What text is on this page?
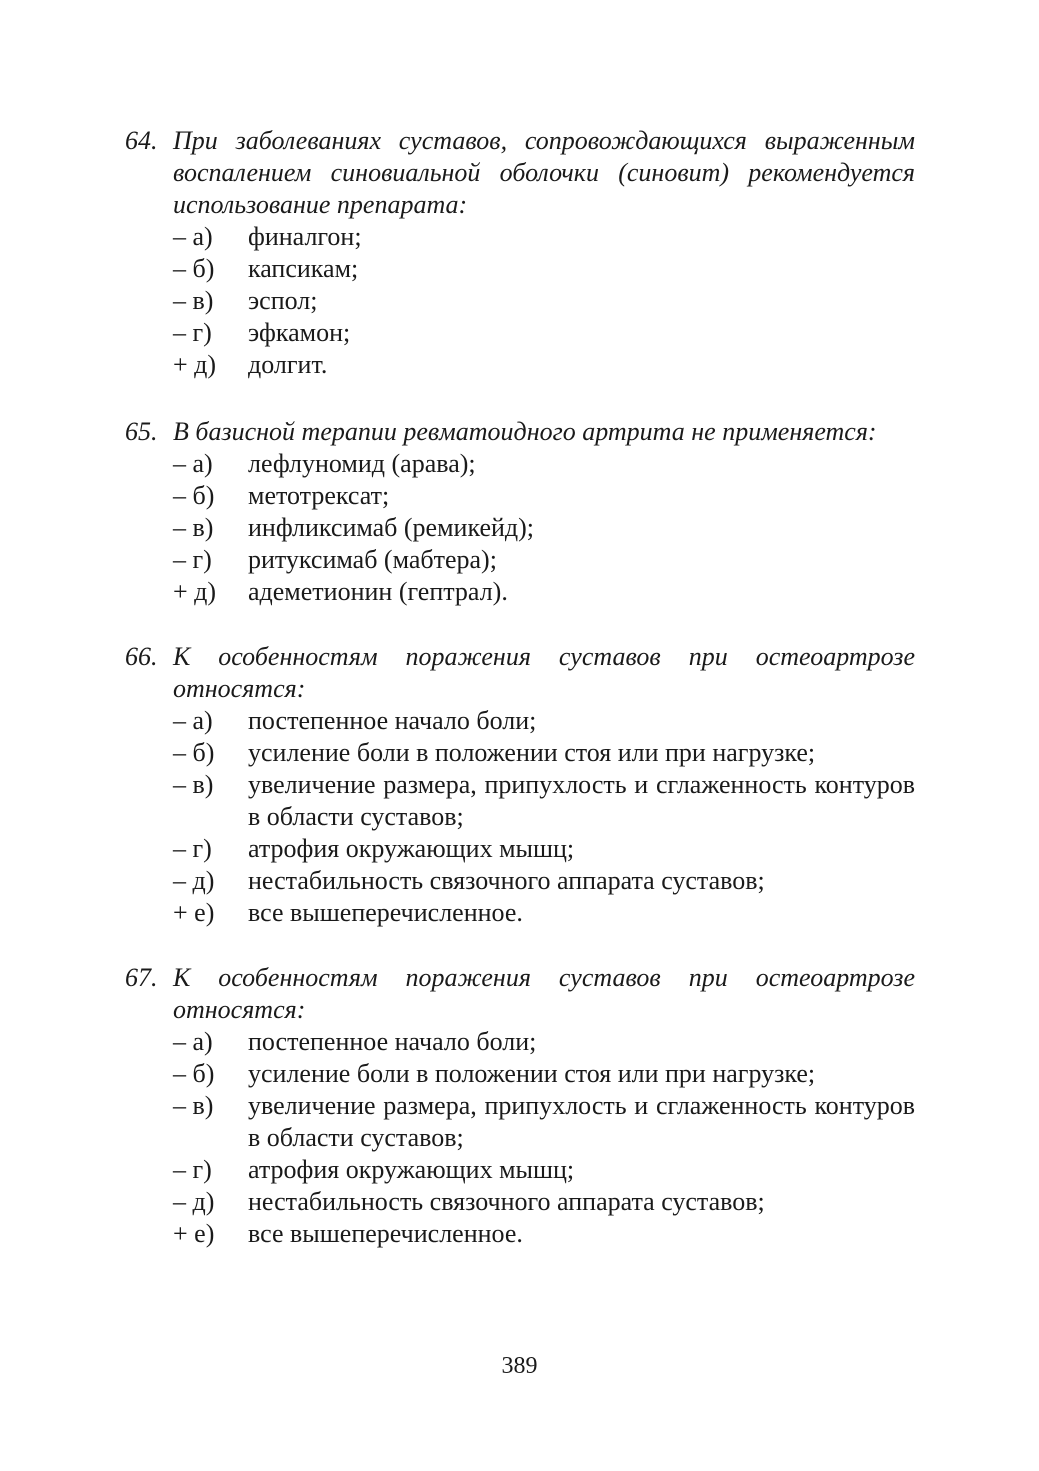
64. При заболеваниях суставов, сопровождающихся выраженным воспалением синовиальной оболочки (синовит) рекомендуется использование препарата:
– а) финалгон;
– б) капсикам;
– в) эспол;
– г) эфкамон;
+ д) долгит.
65. В базисной терапии ревматоидного артрита не применяется:
– а) лефлуномид (арава);
– б) метотрексат;
– в) инфликсимаб (ремикейд);
– г) ритуксимаб (мабтера);
+ д) адеметионин (гептрал).
66. К особенностям поражения суставов при остеоартрозе относятся:
– а) постепенное начало боли;
– б) усиление боли в положении стоя или при нагрузке;
– в) увеличение размера, припухлость и сглаженность контуров в области суставов;
– г) атрофия окружающих мышц;
– д) нестабильность связочного аппарата суставов;
+ е) все вышеперечисленное.
67. К особенностям поражения суставов при остеоартрозе относятся:
– а) постепенное начало боли;
– б) усиление боли в положении стоя или при нагрузке;
– в) увеличение размера, припухлость и сглаженность контуров в области суставов;
– г) атрофия окружающих мышц;
– д) нестабильность связочного аппарата суставов;
+ е) все вышеперечисленное.
389
